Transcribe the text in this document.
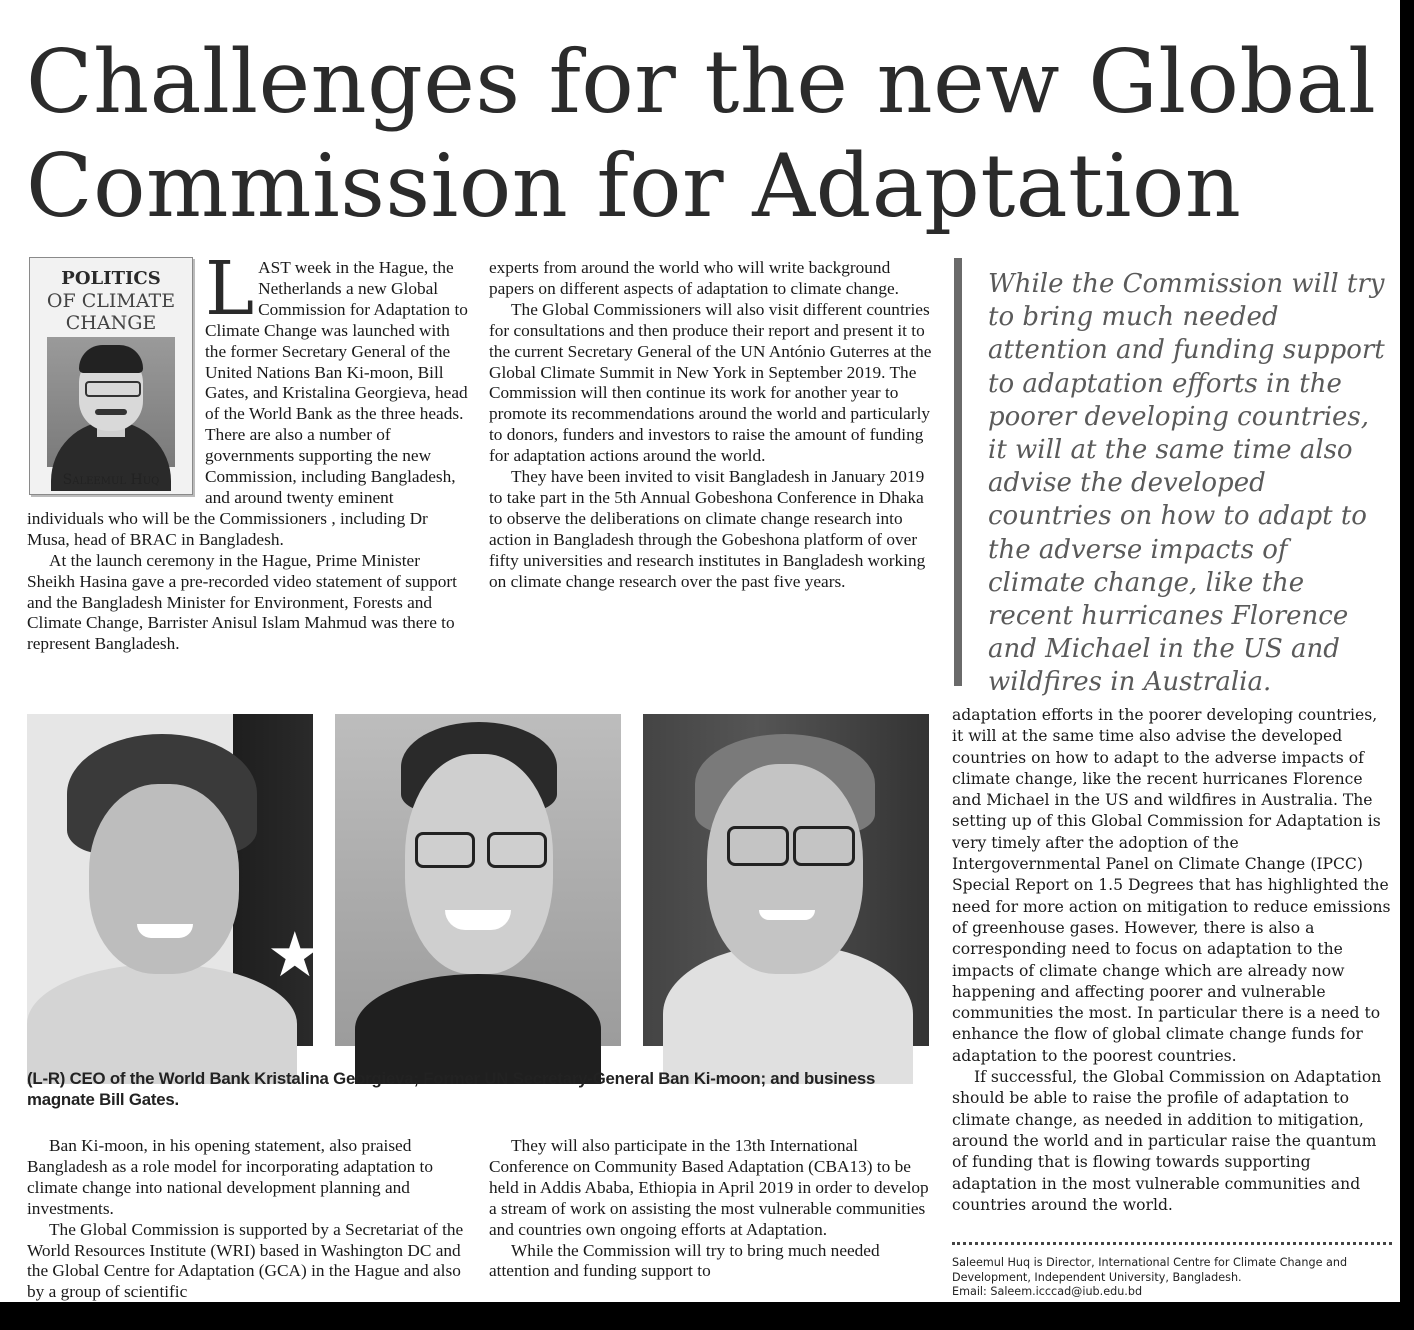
Challenges for the new Global Commission for Adaptation
POLITICS
OF CLIMATE
CHANGE
Saleemul Huq

LAST week in the Hague, the Netherlands a new Global Commission for Adaptation to Climate Change was launched with the former Secretary General of the United Nations Ban Ki-moon, Bill Gates, and Kristalina Georgieva, head of the World Bank as the three heads. There are also a number of governments supporting the new Commission, including Bangladesh, and around twenty eminent individuals who will be the Commissioners , including Dr Musa, head of BRAC in Bangladesh.

At the launch ceremony in the Hague, Prime Minister Sheikh Hasina gave a pre-recorded video statement of support and the Bangladesh Minister for Environment, Forests and Climate Change, Barrister Anisul Islam Mahmud was there to represent Bangladesh.

experts from around the world who will write background papers on different aspects of adaptation to climate change.

The Global Commissioners will also visit different countries for consultations and then produce their report and present it to the current Secretary General of the UN António Guterres at the Global Climate Summit in New York in September 2019. The Commission will then continue its work for another year to promote its recommendations around the world and particularly to donors, funders and investors to raise the amount of funding for adaptation actions around the world.

They have been invited to visit Bangladesh in January 2019 to take part in the 5th Annual Gobeshona Conference in Dhaka to observe the deliberations on climate change research into action in Bangladesh through the Gobeshona platform of over fifty universities and research institutes in Bangladesh working on climate change research over the past five years.

While the Commission will try to bring much needed attention and funding support to adaptation efforts in the poorer developing countries, it will at the same time also advise the developed countries on how to adapt to the adverse impacts of climate change, like the recent hurricanes Florence and Michael in the US and wildfires in Australia.
★
(L-R) CEO of the World Bank Kristalina Georgieva; Former UN Secretary-General Ban Ki-moon; and business magnate Bill Gates.

Ban Ki-moon, in his opening statement, also praised Bangladesh as a role model for incorporating adaptation to climate change into national development planning and investments.

The Global Commission is supported by a Secretariat of the World Resources Institute (WRI) based in Washington DC and the Global Centre for Adaptation (GCA) in the Hague and also by a group of scientific

They will also participate in the 13th International Conference on Community Based Adaptation (CBA13) to be held in Addis Ababa, Ethiopia in April 2019 in order to develop a stream of work on assisting the most vulnerable communities and countries own ongoing efforts at Adaptation.

While the Commission will try to bring much needed attention and funding support to

adaptation efforts in the poorer developing countries, it will at the same time also advise the developed countries on how to adapt to the adverse impacts of climate change, like the recent hurricanes Florence and Michael in the US and wildfires in Australia. The setting up of this Global Commission for Adaptation is very timely after the adoption of the Intergovernmental Panel on Climate Change (IPCC) Special Report on 1.5 Degrees that has highlighted the need for more action on mitigation to reduce emissions of greenhouse gases. However, there is also a corresponding need to focus on adaptation to the impacts of climate change which are already now happening and affecting poorer and vulnerable communities the most. In particular there is a need to enhance the flow of global climate change funds for adaptation to the poorest countries.

If successful, the Global Commission on Adaptation should be able to raise the profile of adaptation to climate change, as needed in addition to mitigation, around the world and in particular raise the quantum of funding that is flowing towards supporting adaptation in the most vulnerable communities and countries around the world.

Saleemul Huq is Director, International Centre for Climate Change and Development, Independent University, Bangladesh.
Email: Saleem.icccad@iub.edu.bd
